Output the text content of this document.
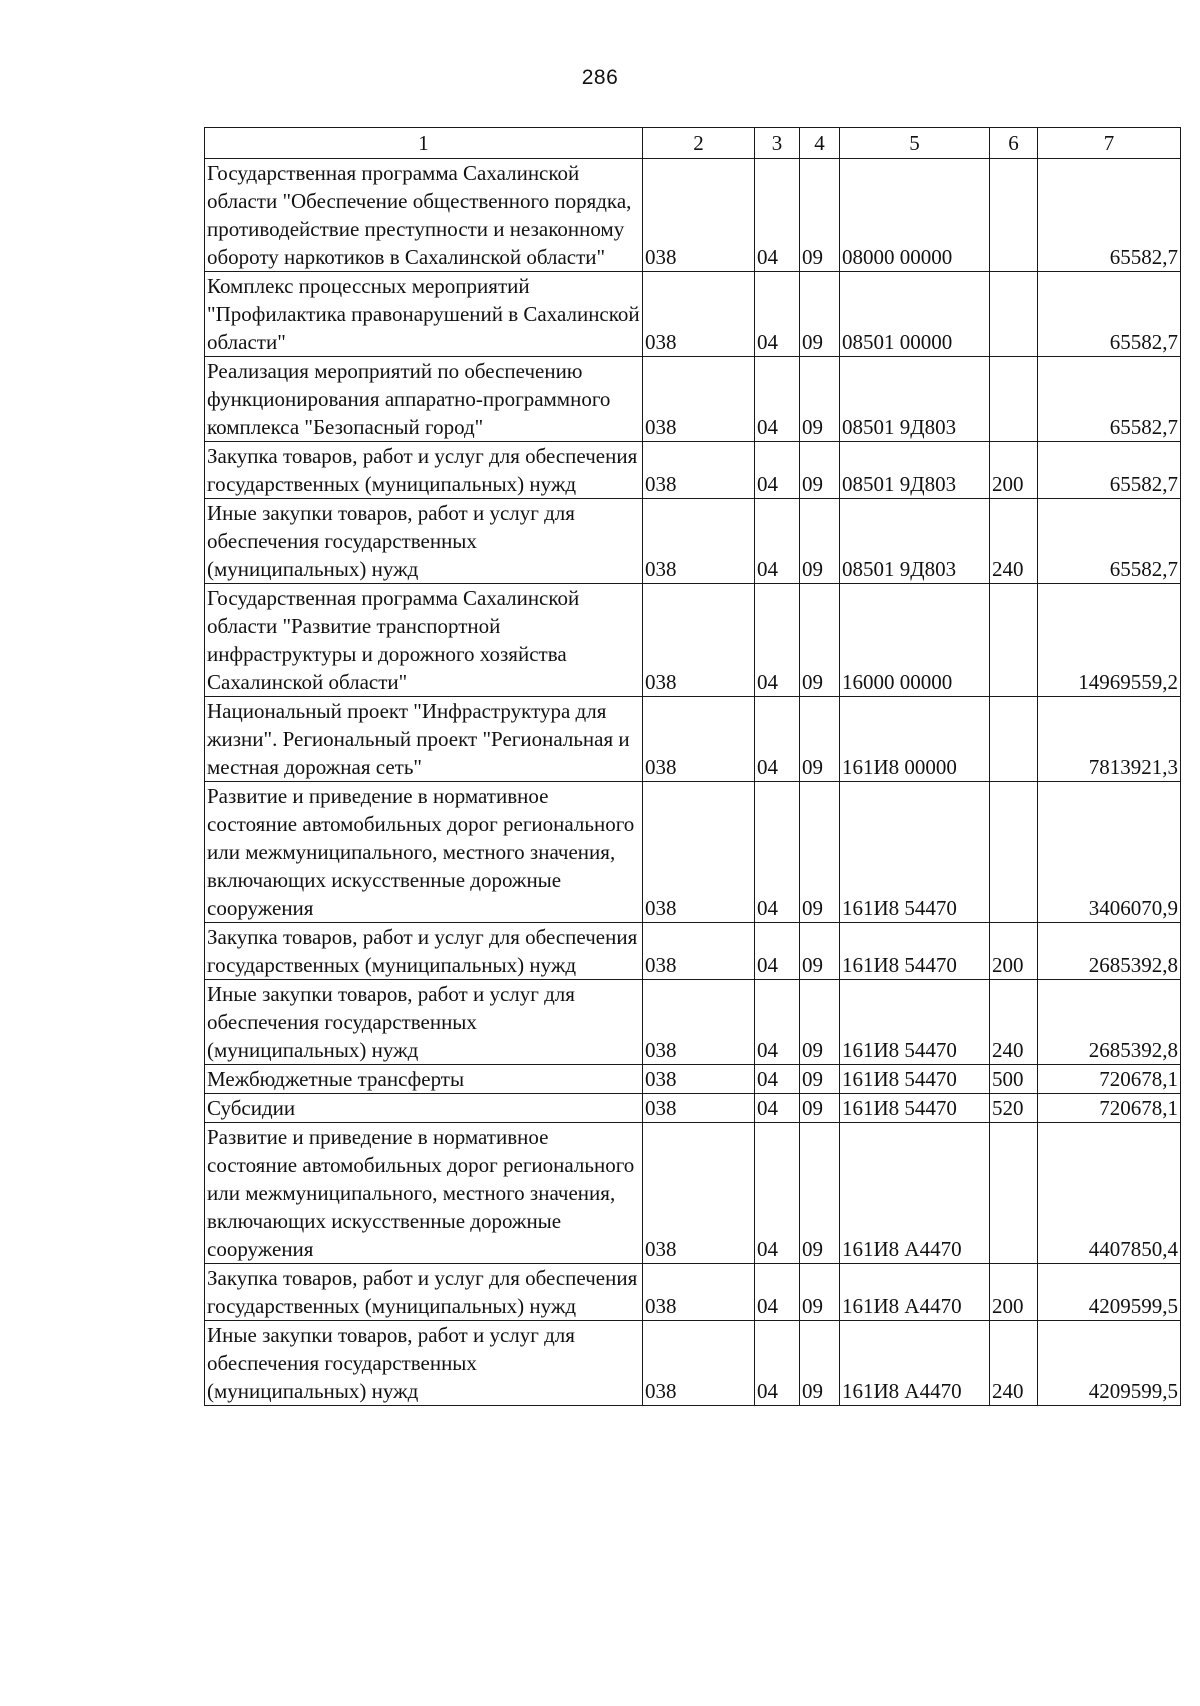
286
1	2	3	4	5	6	7
Государственная программа Сахалинской области "Обеспечение общественного порядка, противодействие преступности и незаконному обороту наркотиков в Сахалинской области"	038	04	09	08000 00000		65582,7
Комплекс процессных мероприятий "Профилактика правонарушений в Сахалинской области"	038	04	09	08501 00000		65582,7
Реализация мероприятий по обеспечению функционирования аппаратно-программного комплекса "Безопасный город"	038	04	09	08501 9Д803		65582,7
Закупка товаров, работ и услуг для обеспечения государственных (муниципальных) нужд	038	04	09	08501 9Д803	200	65582,7
Иные закупки товаров, работ и услуг для обеспечения государственных (муниципальных) нужд	038	04	09	08501 9Д803	240	65582,7
Государственная программа Сахалинской области "Развитие транспортной инфраструктуры и дорожного хозяйства Сахалинской области"	038	04	09	16000 00000		14969559,2
Национальный проект "Инфраструктура для жизни". Региональный проект "Региональная и местная дорожная сеть"	038	04	09	161И8 00000		7813921,3
Развитие и приведение в нормативное состояние автомобильных дорог регионального или межмуниципального, местного значения, включающих искусственные дорожные сооружения	038	04	09	161И8 54470		3406070,9
Закупка товаров, работ и услуг для обеспечения государственных (муниципальных) нужд	038	04	09	161И8 54470	200	2685392,8
Иные закупки товаров, работ и услуг для обеспечения государственных (муниципальных) нужд	038	04	09	161И8 54470	240	2685392,8
Межбюджетные трансферты	038	04	09	161И8 54470	500	720678,1
Субсидии	038	04	09	161И8 54470	520	720678,1
Развитие и приведение в нормативное состояние автомобильных дорог регионального или межмуниципального, местного значения, включающих искусственные дорожные сооружения	038	04	09	161И8 А4470		4407850,4
Закупка товаров, работ и услуг для обеспечения государственных (муниципальных) нужд	038	04	09	161И8 А4470	200	4209599,5
Иные закупки товаров, работ и услуг для обеспечения государственных (муниципальных) нужд	038	04	09	161И8 А4470	240	4209599,5
